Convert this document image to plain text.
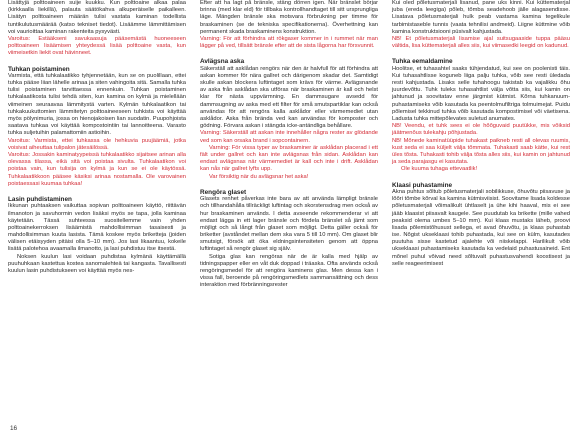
Lisättyjä polttoaineen suije kuukku. Kun polttoaine alkaa palaa (kirkkaalla liekillä), palauta säätökahva alkuperäiselle paikalleen. Lisätyn polttoaineen määrän tulisi vastata kaminan todellista tuntikulutusmäärää (katso tekniset tiedot). Lisäämme lämmittämisen voi vaurioittaa kaminan rakenteita pysyvästi.

Varoitus: Estääkseni savukaasuja pääsemästä huoneeseen polttoaineen lisäämisen yhteydessä lisää polttoaine vasta, kun viimeisetkin liekit ovat hävinneet.

Tuhkan poistaminen

Varmista, että tuhkalaatikko tyhjennetään, kun se on puolillaan, ettei tuhka pääse liian lähelle arinaa ja siten vahingoita sitä. Samalla tuhka tulisi poistaminen tarvittaessa ennenkuin. Tuhkan poistaminen tuhkalaatikosta tulisi tehdä siten, kun kamina on kylmä ja mielellään viimeinen seuraavaa lämmitystä varten. Kylmän tuhkalaatikon tai tuhkakuukuttomien lämmitetyn polttoaineeseen tuhkista voi käyttää myös pölynimuria, jossa on hienojakoisen lian suodatin. Puupohjoista saatava tuhkaa voi käyttää kompostointiin tai lannoitteena. Varasto tuhka suljetuihin palamattomiin astioihin.

Varoitus: Varmista, ettei tuhkassa ole hehkuvia puujäämiä, jotka voisivat aiheuttaa tulipalon jätesäilössä.

Varoitus: Jossakin kaminatyypeissä tuhkalaatikko sijaitsee arinan alla olevassa tilassa, eikä sitä voi poistaa sivulta. Tuhkalaatikon voi poistaa vain, kun tulisija on kylmä ja kun se ei ole käytössä. Tuhkalaatikkoon pääsee käsiksi arinaa nostamalla. Ole varovainen poistaessasi kuumaa tuhkaa!

Lasin puhdistaminen

Ikkunan puhtaaksen vaikuttaa sopivan polttoaineen käyttö, riittävän ilmanoton ja savuhormin vedon lisäksi myös se tapa, jolla kaminaa käytetään. Tässä suhteessa suositellemme vain yhden polttoainekerroksen lisäämistä mahdollisimman tasaisesti ja mahdollisimman kuuta lasista. Tämä koskee myös briketteja (joiden välisen etäisyyden pitäisi olla 5–10 mm). Jos lasi likaantuu, kokeile lisätä palotehoa avaamalla ilmanotto, ja lasi puhdistuu itse itsestä.

Noksen kuulun lasi voidaan puhdistaa kylmänä käyttämällä puuhuhkaan kastettua kostea sanomalehteä tai kangasta. Tavallisesti kuulun lasin puhdistukseen voi käyttää myös nes-

Efter att ha lagt på bränsle, stäng dörren igen. När bränslet börjar brinna (med klar eld) för tillbaka kontrollhandtaget till sitt ursprungliga läge. Mängden bränsle ska motsvara förbrukning per timme för braskaminen (se de tekniska specifikationerna). Överhettning kan permanent skada braskaminens konstruktion.

Varning: För att förhindra att rökgaser kommer in i rummet när man lägger på ved, tillsätt bränsle efter att de sista lågorna har försvunnit.

Avlägsna aska

Säkerställ att asklådan rengörs när den är halvfull för att förhindra att askan kommer för nära gallret och därigenom skadar det. Samtidigt skulle askan blockera luftintaget som krävs för värme. Avlägsnande av aska från asklådan ska utföras när braskaminen är kall och helst klar för nästa uppvärmning. En dammsugare avsedd för dammsugning av aska med ett filter för små smutspartiklar kan också användas för att rengöra kalla asklådor eller värmemediet utan asklådor. Aska från brända ved kan användas för komposter och gödning. Förvara askan i stängda icke-antändliga behållare.

Varning: Säkerställ att askan inte innehåller några rester av glödande ved som kan orsaka brand i sopcontainern.

Varning: För vissa typer av braskaminer är asklådan placerad i ett fält under gallret och kan inte avlägsnas från sidan. Asklådan kan endast avlägsnas när värmemediet är kall och inte i drift. Asklådan kan nås när gallret lyfts upp.

Var försiktig när du avlägsnar het aska!

Rengöra glaset

Glasets renhet påverkas inte bara av att använda lämpligt bränsle och tillhandahålla tillräckligt luftintag och skorstensdrag men också av hur braskaminen används. I detta avseende rekommenderar vi att endast lägga in ett lager bränsle och fördela bränslet så jämt som möjligt och så långt från glaset som möjligt. Detta gäller också för briketter (avståndet mellan dem ska vara 5 till 10 mm). Om glaset blir smutsigt, försök att öka eldningsintensiteten genom att öppna luftintaget så rengör glaset sig själv.

Sotiga glas kan rengöras när de är kalla med hjälp av tidningspapper eller en våt duk doppad i träaska. Ofta används också rengöringsmedel för att rengöra kaminens glas. Men dessa kan i vissa fall, beroende på rengöringsmedlets sammansättning och dess interaktion med förbränningsrester

Kui oled põletusmaterjali lisanud, pane uks kinni. Kui küttematerjal juba (ereda leegiga) põleb, tõmba seadehoob jälle alagasendisse. Lisatava põletusmaterjali hulk peab vastama kamina tegelikule tarbimistaseble tunnis (vaata tehnilisi andmeid). Liigne küttmine võib kamina konstruktsiooni püsivalt kahjustada.

NB! Et põletusmaterjali lisamise ajal suitsugaaside tuppa pääsu vältida, lisa küttematerjali alles siis, kui viimasedki leegid on kadunud.

Tuhka eemaldamine

Hoolitse, et tuhasahtel saaks tühjendatud, kui see on poolenisti täis. Kui tuhasahtlisse koguneb liiga palju tuhka, võib see resti üledada resti kahjustada. Lisaks selle tuhahoogu takistab ka vajalikku õhu juurdevõttu. Tuhk tuleks tuhasahtlist välja võtta siis, kui kamin on jahtunud ja soovitatav enne järgmist kütmist. Kõrna tuhkanuum-puhastamiseks võib kasutada ka peentolmufiltriga tolmuimejat. Puidu põlemisel tekkinud tuhka võib kasutada kompostimisel või väetisena. Ladusta tuhka mittepõlevates suletud anumates.

NB! Veendu, et tuhk sees ei ole hõõguvaid puutükke, mis võiksid jäätmenõus tulekahju põhjustada.

NB! Mõnede kaminatüüpide tuhakast paikneb resti all olevas ruumis, kust seda ei saa küljelt välja tõmmata. Tuhakasti saab kätte, kui rest üles tõsta. Tuhakasti tohib välja tõsta alles siis, kui kamin on jahtunud ja seda parajasgu ei kasutata.

Ole kuuma tuhaga ettevaatlik!

Klaasi puhastamine

Akna puhtus sõltub põletusmaterjali sobilikkuse, õhuvõtu piisavuse ja lõõri tõmbe kõrval ka kamina kütmisviisist. Soovitame lisada koldesse põletusmaterjali võimalikult ühtlaselt ja ühe kihi haaval, mis ei see jääb klaasist piisavalt kaugele. See puudutab ka brikette (mille vahed peaksid olema umbes 5–10 mm). Kui klaas mustaks läheb, proovi lisada põlemistõhusust sellega, et avad õhuvõtu, ja klaas puhastab ise. Nõgist ukseklaasi tohib puhastada, kui see on külm, kasutades puutuha sisse kastetud ajalehte või niiskelappi. Harilikult võib ukseklaasi puhastamiseks kasutada ka vedelaid puhastusaineid. Ent mõnel puhul võivad need sõltuvalt puhastusvahendi koostisest ja selle reageerimisest

16
